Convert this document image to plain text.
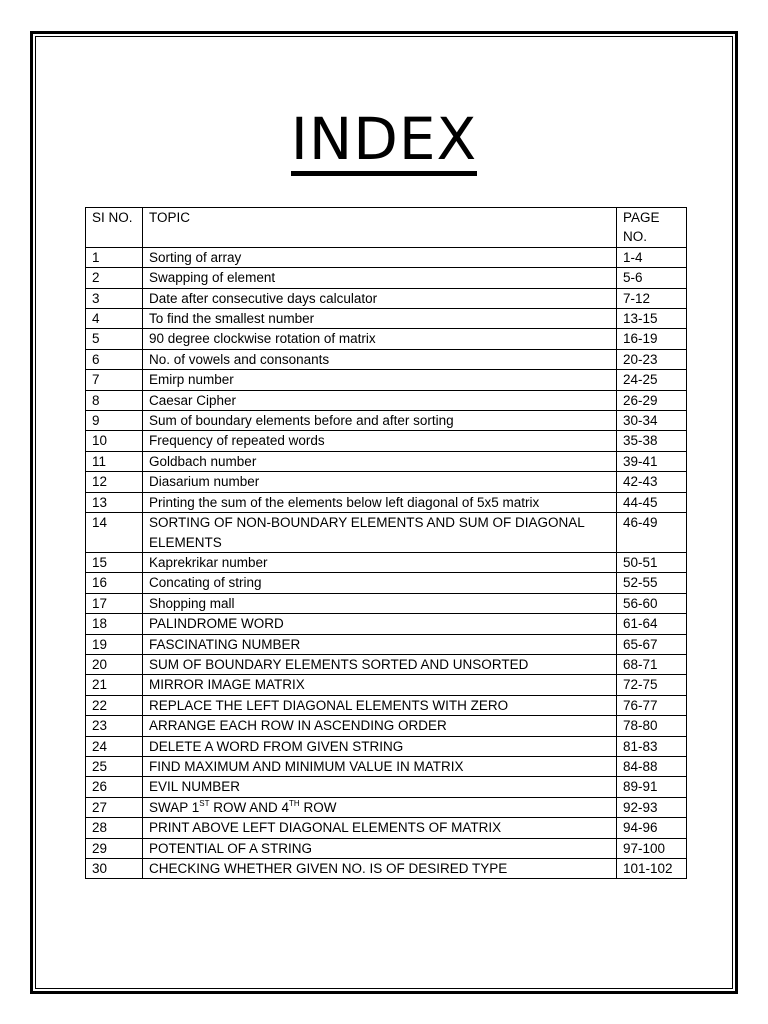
INDEX
SI NO.	TOPIC	PAGE NO.
1	Sorting of array	1-4
2	Swapping of element	5-6
3	Date after consecutive days calculator	7-12
4	To find the smallest number	13-15
5	90 degree clockwise rotation of matrix	16-19
6	No. of vowels and consonants	20-23
7	Emirp number	24-25
8	Caesar Cipher	26-29
9	Sum of boundary elements before and after sorting	30-34
10	Frequency of repeated words	35-38
11	Goldbach number	39-41
12	Diasarium number	42-43
13	Printing the sum of the elements below left diagonal of 5x5 matrix	44-45
14	SORTING OF NON-BOUNDARY ELEMENTS AND SUM OF DIAGONAL ELEMENTS	46-49
15	Kaprekrikar number	50-51
16	Concating of string	52-55
17	Shopping mall	56-60
18	PALINDROME WORD	61-64
19	FASCINATING NUMBER	65-67
20	SUM OF BOUNDARY ELEMENTS SORTED AND UNSORTED	68-71
21	MIRROR IMAGE MATRIX	72-75
22	REPLACE THE LEFT DIAGONAL ELEMENTS WITH ZERO	76-77
23	ARRANGE EACH ROW IN ASCENDING ORDER	78-80
24	DELETE A WORD FROM GIVEN STRING	81-83
25	FIND MAXIMUM AND MINIMUM VALUE IN MATRIX	84-88
26	EVIL NUMBER	89-91
27	SWAP 1ST ROW AND 4TH ROW	92-93
28	PRINT ABOVE LEFT DIAGONAL ELEMENTS OF MATRIX	94-96
29	POTENTIAL OF A STRING	97-100
30	CHECKING WHETHER GIVEN NO. IS OF DESIRED TYPE	101-102
